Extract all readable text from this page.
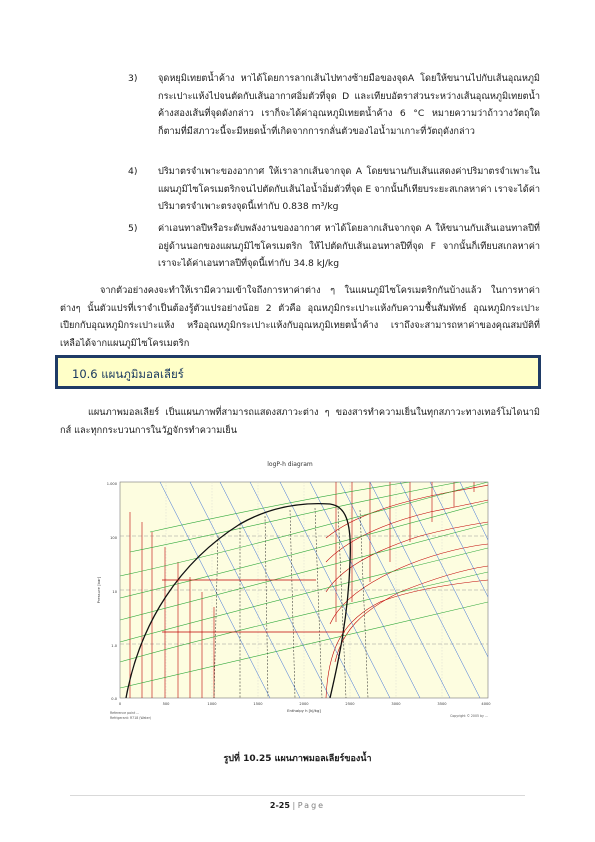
3) จุดหยุมิเทยตน้ำค้าง หาได้โดยการลากเส้นไปทางซ้ายมือของจุดA โดยให้ขนานไปกับเส้นอุณหภูมิกระเปาะแห้งไปจนตัดกับเส้นอากาศอิ่มตัวที่จุด D และเทียบอัตราส่วนระหว่างเส้นอุณหภูมิเทยตน้ำค้างสองเส้นที่จุดดังกล่าว เราก็จะได้ค่าอุณหภูมิเทยตน้ำค้าง 6 °C หมายความว่าถ้าวางวัตถุใดก็ตามที่มีสภาวะนี้จะมีหยดน้ำที่เกิดจากการกลั่นตัวของไอน้ำมาเกาะที่วัตถุดังกล่าว
4) ปริมาตรจำเพาะของอากาศ ให้เราลากเส้นจากจุด A โดยขนานกับเส้นแสดงค่าปริมาตรจำเพาะในแผนภูมิไซโครเมตริกจนไปตัดกับเส้นไอน้ำอิ่มตัวที่จุด E จากนั้นก็เทียบระยะสเกลหาค่า เราจะได้ค่าปริมาตรจำเพาะตรงจุดนี้เท่ากับ 0.838 m³/kg
5) ค่าเอนทาลปีหรือระดับพลังงานของอากาศ หาได้โดยลากเส้นจากจุด A ให้ขนานกับเส้นเอนทาลปีที่อยู่ด้านนอกของแผนภูมิไซโครเมตริก ให้ไปตัดกับเส้นเอนทาลปีที่จุด F จากนั้นก็เทียบสเกลหาค่า เราจะได้ค่าเอนทาลปีที่จุดนี้เท่ากับ 34.8 kJ/kg
จากตัวอย่างคงจะทำให้เรามีความเข้าใจถึงการหาค่าต่าง ๆ ในแผนภูมิไซโครเมตริกกันบ้างแล้ว ในการหาค่าต่างๆ นั้นตัวแปรที่เราจำเป็นต้องรู้ตัวแปรอย่างน้อย 2 ตัวคือ อุณหภูมิกระเปาะแห้งกับความชื้นสัมพัทธ์ อุณหภูมิกระเปาะเปียกกับอุณหภูมิกระเปาะแห้ง หรืออุณหภูมิกระเปาะแห้งกับอุณหภูมิเทยตน้ำค้าง เราถึงจะสามารถหาค่าของคุณสมบัติที่เหลือได้จากแผนภูมิไซโครเมตริก
10.6 แผนภูมิมอลเลียร์
แผนภาพมอลเลียร์ เป็นแผนภาพที่สามารถแสดงสภาวะต่าง ๆ ของสารทำความเย็นในทุกสภาวะทางเทอร์โมไดนามิกส์ และทุกกระบวนการในวัฏจักรทำความเย็น
logP-h diagram
1.000
100
10
1.0
0.0
Pressure [bar]
0	500	1000	1500	2000	2500	3000	3500	4000
Enthalpy h [kJ/kg]
Reference point ...
Refrigerant: R718 (Water)	Copyright © 2005 by ...
รูปที่ 10.25 แผนภาพมอลเลียร์ของน้ำ
2-25 | Page
